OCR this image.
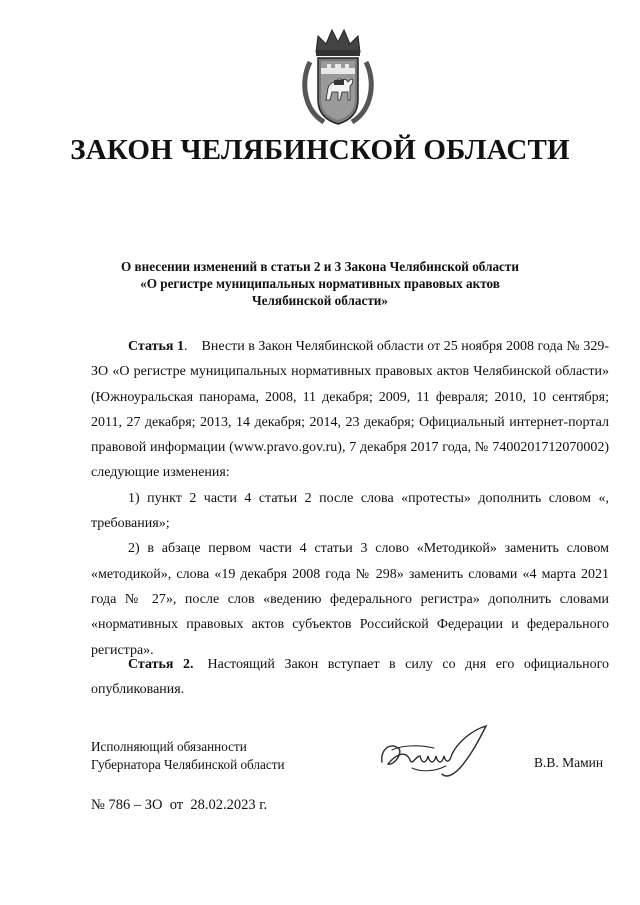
ЗАКОН ЧЕЛЯБИНСКОЙ ОБЛАСТИ
О внесении изменений в статьи 2 и 3 Закона Челябинской области
«О регистре муниципальных нормативных правовых актов
Челябинской области»

Статья 1. Внести в Закон Челябинской области от 25 ноября 2008 года № 329-ЗО «О регистре муниципальных нормативных правовых актов Челябинской области» (Южноуральская панорама, 2008, 11 декабря; 2009, 11 февраля; 2010, 10 сентября; 2011, 27 декабря; 2013, 14 декабря; 2014, 23 декабря; Официальный интернет-портал правовой информации (www.pravo.gov.ru), 7 декабря 2017 года, № 7400201712070002) следующие изменения:

1) пункт 2 части 4 статьи 2 после слова «протесты» дополнить словом «, требования»;

2) в абзаце первом части 4 статьи 3 слово «Методикой» заменить словом «методикой», слова «19 декабря 2008 года № 298» заменить словами «4 марта 2021 года № 27», после слов «ведению федерального регистра» дополнить словами «нормативных правовых актов субъектов Российской Федерации и федерального регистра».

Статья 2. Настоящий Закон вступает в силу со дня его официального опубликования.

Исполняющий обязанности
Губернатора Челябинской области	В.В. Мамин
№ 786 – ЗО  от  28.02.2023 г.
